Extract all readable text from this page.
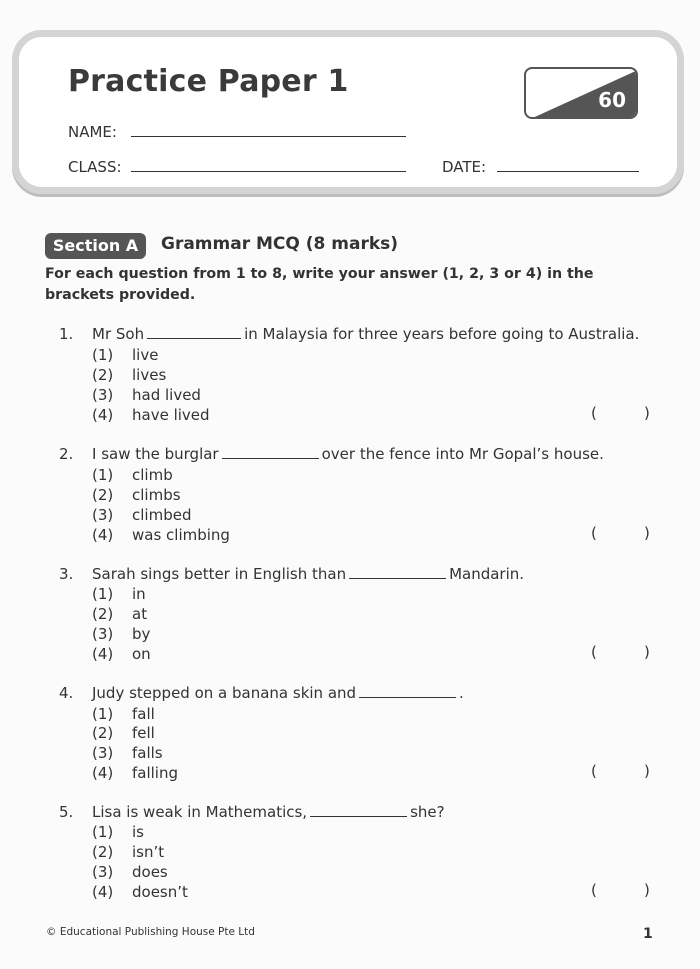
Practice Paper 1
NAME:
CLASS:	DATE:
60
Section A	Grammar MCQ (8 marks)
For each question from 1 to 8, write your answer (1, 2, 3 or 4) in the brackets provided.
1. Mr Soh	in Malaysia for three years before going to Australia.
(1) live
(2) lives
(3) had lived
(4) have lived	(	)
2. I saw the burglar	over the fence into Mr Gopal’s house.
(1) climb
(2) climbs
(3) climbed
(4) was climbing	(	)
3. Sarah sings better in English than	Mandarin.
(1) in
(2) at
(3) by
(4) on	(	)
4. Judy stepped on a banana skin and	.
(1) fall
(2) fell
(3) falls
(4) falling	(	)
5. Lisa is weak in Mathematics,	she?
(1) is
(2) isn’t
(3) does
(4) doesn’t	(	)
© Educational Publishing House Pte Ltd	1
